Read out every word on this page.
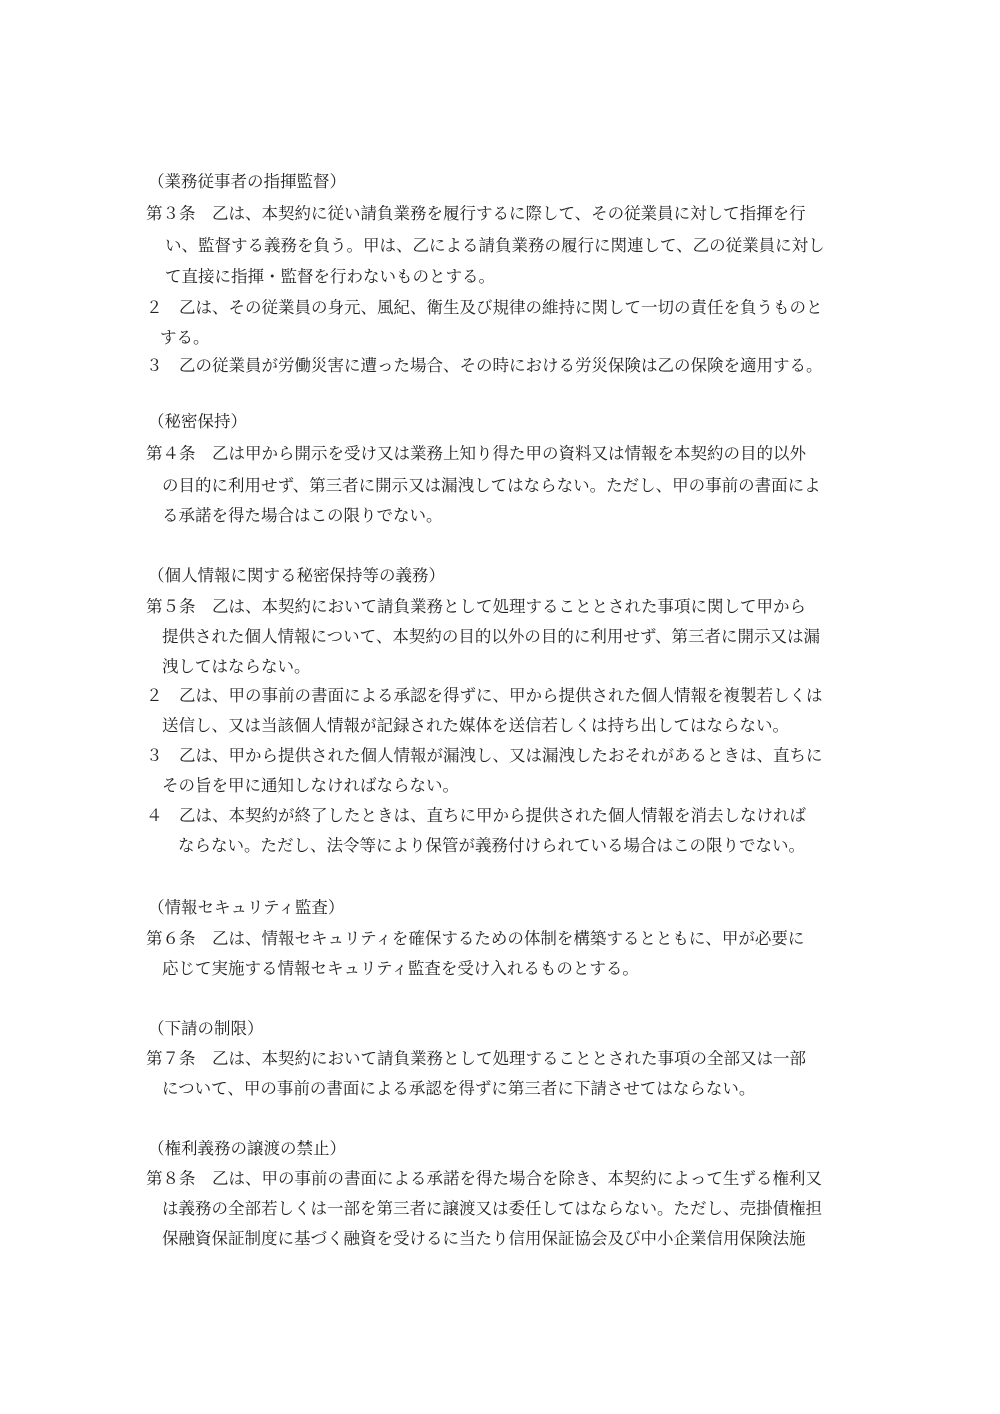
（業務従事者の指揮監督）
第３条　乙は、本契約に従い請負業務を履行するに際して、その従業員に対して指揮を行
い、監督する義務を負う。甲は、乙による請負業務の履行に関連して、乙の従業員に対し
て直接に指揮・監督を行わないものとする。
２　乙は、その従業員の身元、風紀、衛生及び規律の維持に関して一切の責任を負うものと
する。
３　乙の従業員が労働災害に遭った場合、その時における労災保険は乙の保険を適用する。
（秘密保持）
第４条　乙は甲から開示を受け又は業務上知り得た甲の資料又は情報を本契約の目的以外
の目的に利用せず、第三者に開示又は漏洩してはならない。ただし、甲の事前の書面によ
る承諾を得た場合はこの限りでない。
（個人情報に関する秘密保持等の義務）
第５条　乙は、本契約において請負業務として処理することとされた事項に関して甲から
提供された個人情報について、本契約の目的以外の目的に利用せず、第三者に開示又は漏
洩してはならない。
２　乙は、甲の事前の書面による承認を得ずに、甲から提供された個人情報を複製若しくは
送信し、又は当該個人情報が記録された媒体を送信若しくは持ち出してはならない。
３　乙は、甲から提供された個人情報が漏洩し、又は漏洩したおそれがあるときは、直ちに
その旨を甲に通知しなければならない。
４　乙は、本契約が終了したときは、直ちに甲から提供された個人情報を消去しなければ
ならない。ただし、法令等により保管が義務付けられている場合はこの限りでない。
（情報セキュリティ監査）
第６条　乙は、情報セキュリティを確保するための体制を構築するとともに、甲が必要に
応じて実施する情報セキュリティ監査を受け入れるものとする。
（下請の制限）
第７条　乙は、本契約において請負業務として処理することとされた事項の全部又は一部
について、甲の事前の書面による承認を得ずに第三者に下請させてはならない。
（権利義務の譲渡の禁止）
第８条　乙は、甲の事前の書面による承諾を得た場合を除き、本契約によって生ずる権利又
は義務の全部若しくは一部を第三者に譲渡又は委任してはならない。ただし、売掛債権担
保融資保証制度に基づく融資を受けるに当たり信用保証協会及び中小企業信用保険法施
